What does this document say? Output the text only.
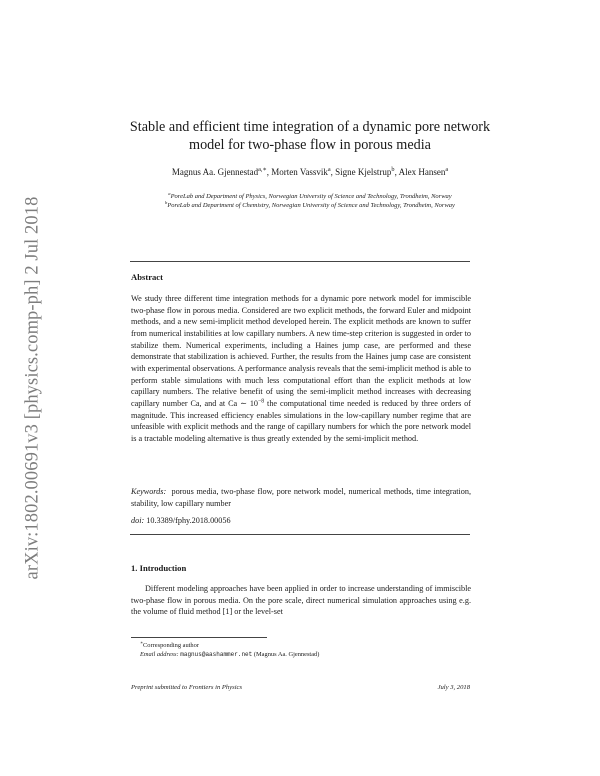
arXiv:1802.00691v3 [physics.comp-ph] 2 Jul 2018
Stable and efficient time integration of a dynamic pore network model for two-phase flow in porous media
Magnus Aa. Gjennestad$^{a,∗}$, Morten Vassvik$^a$, Signe Kjelstrup$^b$, Alex Hansen$^a$
$^a$PoreLab and Department of Physics, Norwegian University of Science and Technology, Trondheim, Norway
$^b$PoreLab and Department of Chemistry, Norwegian University of Science and Technology, Trondheim, Norway
Abstract
We study three different time integration methods for a dynamic pore network model for immiscible two-phase flow in porous media. Considered are two explicit methods, the forward Euler and midpoint methods, and a new semi-implicit method developed herein. The explicit methods are known to suffer from numerical instabilities at low capillary numbers. A new time-step criterion is suggested in order to stabilize them. Numerical experiments, including a Haines jump case, are performed and these demonstrate that stabilization is achieved. Further, the results from the Haines jump case are consistent with experimental observations. A performance analysis reveals that the semi-implicit method is able to perform stable simulations with much less computational effort than the explicit methods at low capillary numbers. The relative benefit of using the semi-implicit method increases with decreasing capillary number Ca, and at Ca ∼ $10^{-8}$ the computational time needed is reduced by three orders of magnitude. This increased efficiency enables simulations in the low-capillary number regime that are unfeasible with explicit methods and the range of capillary numbers for which the pore network model is a tractable modeling alternative is thus greatly extended by the semi-implicit method.
Keywords: porous media, two-phase flow, pore network model, numerical methods, time integration, stability, low capillary number
doi: 10.3389/fphy.2018.00056
1. Introduction
Different modeling approaches have been applied in order to increase understanding of immiscible two-phase flow in porous media. On the pore scale, direct numerical simulation approaches using e.g. the volume of fluid method [1] or the level-set
∗Corresponding author
Email address: magnus@aashammer.net (Magnus Aa. Gjennestad)
Preprint submitted to Frontiers in Physics	July 3, 2018
